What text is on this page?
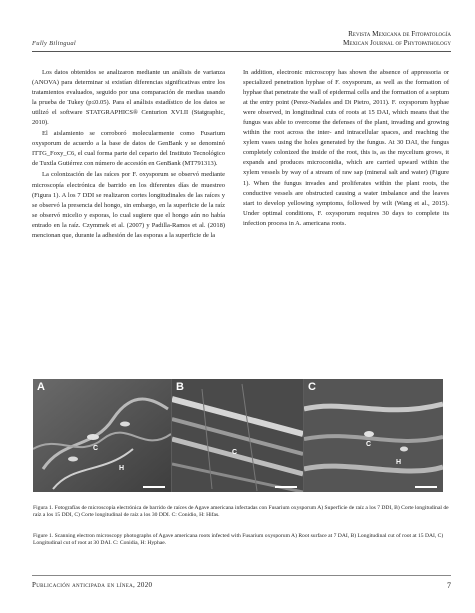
Fully Bilingual
Revista Mexicana de Fitopatología
Mexican Journal of Phytopathology

Los datos obtenidos se analizaron mediante un análisis de varianza (ANOVA) para determinar si existían diferencias significativas entre los tratamientos evaluados, seguido por una comparación de medias usando la prueba de Tukey (p≤0.05). Para el análisis estadístico de los datos se utilizó el software STATGRAPHICS® Centurion XVI.II (Statgraphic, 2010).

El aislamiento se corroboró molecularmente como Fusarium oxysporum de acuerdo a la base de datos de GenBank y se denominó ITTG_Foxy_C6, el cual forma parte del cepario del Instituto Tecnológico de Tuxtla Gutiérrez con número de accesión en GenBank (MT791313).

La colonización de las raíces por F. oxysporum se observó mediante microscopía electrónica de barrido en los diferentes días de muestreo (Figura 1). A los 7 DDI se realizaron cortes longitudinales de las raíces y se observó la presencia del hongo, sin embargo, en la superficie de la raíz se observó micelio y esporas, lo cual sugiere que el hongo aún no había entrado en la raíz. Czymmek et al. (2007) y Padilla-Ramos et al. (2018) mencionan que, durante la adhesión de las esporas a la superficie de la

In addition, electronic microscopy has shown the absence of appressoria or specialized penetration hyphae of F. oxysporum, as well as the formation of hyphae that penetrate the wall of epidermal cells and the formation of a septum at the entry point (Perez-Nadales and Di Pietro, 2011). F. oxysporum hyphae were observed, in longitudinal cuts of roots at 15 DAI, which means that the fungus was able to overcome the defenses of the plant, invading and growing within the root across the inter- and intracellular spaces, and reaching the xylem vases using the holes generated by the fungus. At 30 DAI, the fungus completely colonized the inside of the root, this is, as the mycelium grows, it expands and produces microconidia, which are carried upward within the xylem vessels by way of a stream of raw sap (mineral salt and water) (Figure 1). When the fungus invades and proliferates within the plant roots, the conductive vessels are obstructed causing a water imbalance and the leaves start to develop yellowing symptoms, followed by wilt (Wang et al., 2015). Under optimal conditions, F. oxysporum requires 30 days to complete its infection process in A. americana roots.

A
C
H
B
C
C
C
H
Figura 1. Fotografías de microscopía electrónica de barrido de raíces de Agave americana infectadas con Fusarium oxysporum A) Superficie de raíz a los 7 DDI, B) Corte longitudinal de raíz a los 15 DDI, C) Corte longitudinal de raíz a los 30 DDI. C: Conidio, H: Hifas.
Figure 1. Scanning electron microscopy photographs of Agave americana roots infected with Fusarium oxysporum A) Root surface at 7 DAI, B) Longitudinal cut of root at 15 DAI, C) Longitudinal cut of root at 30 DAI. C: Conidia, H: Hyphae.
Publicación anticipada en línea, 2020	7
